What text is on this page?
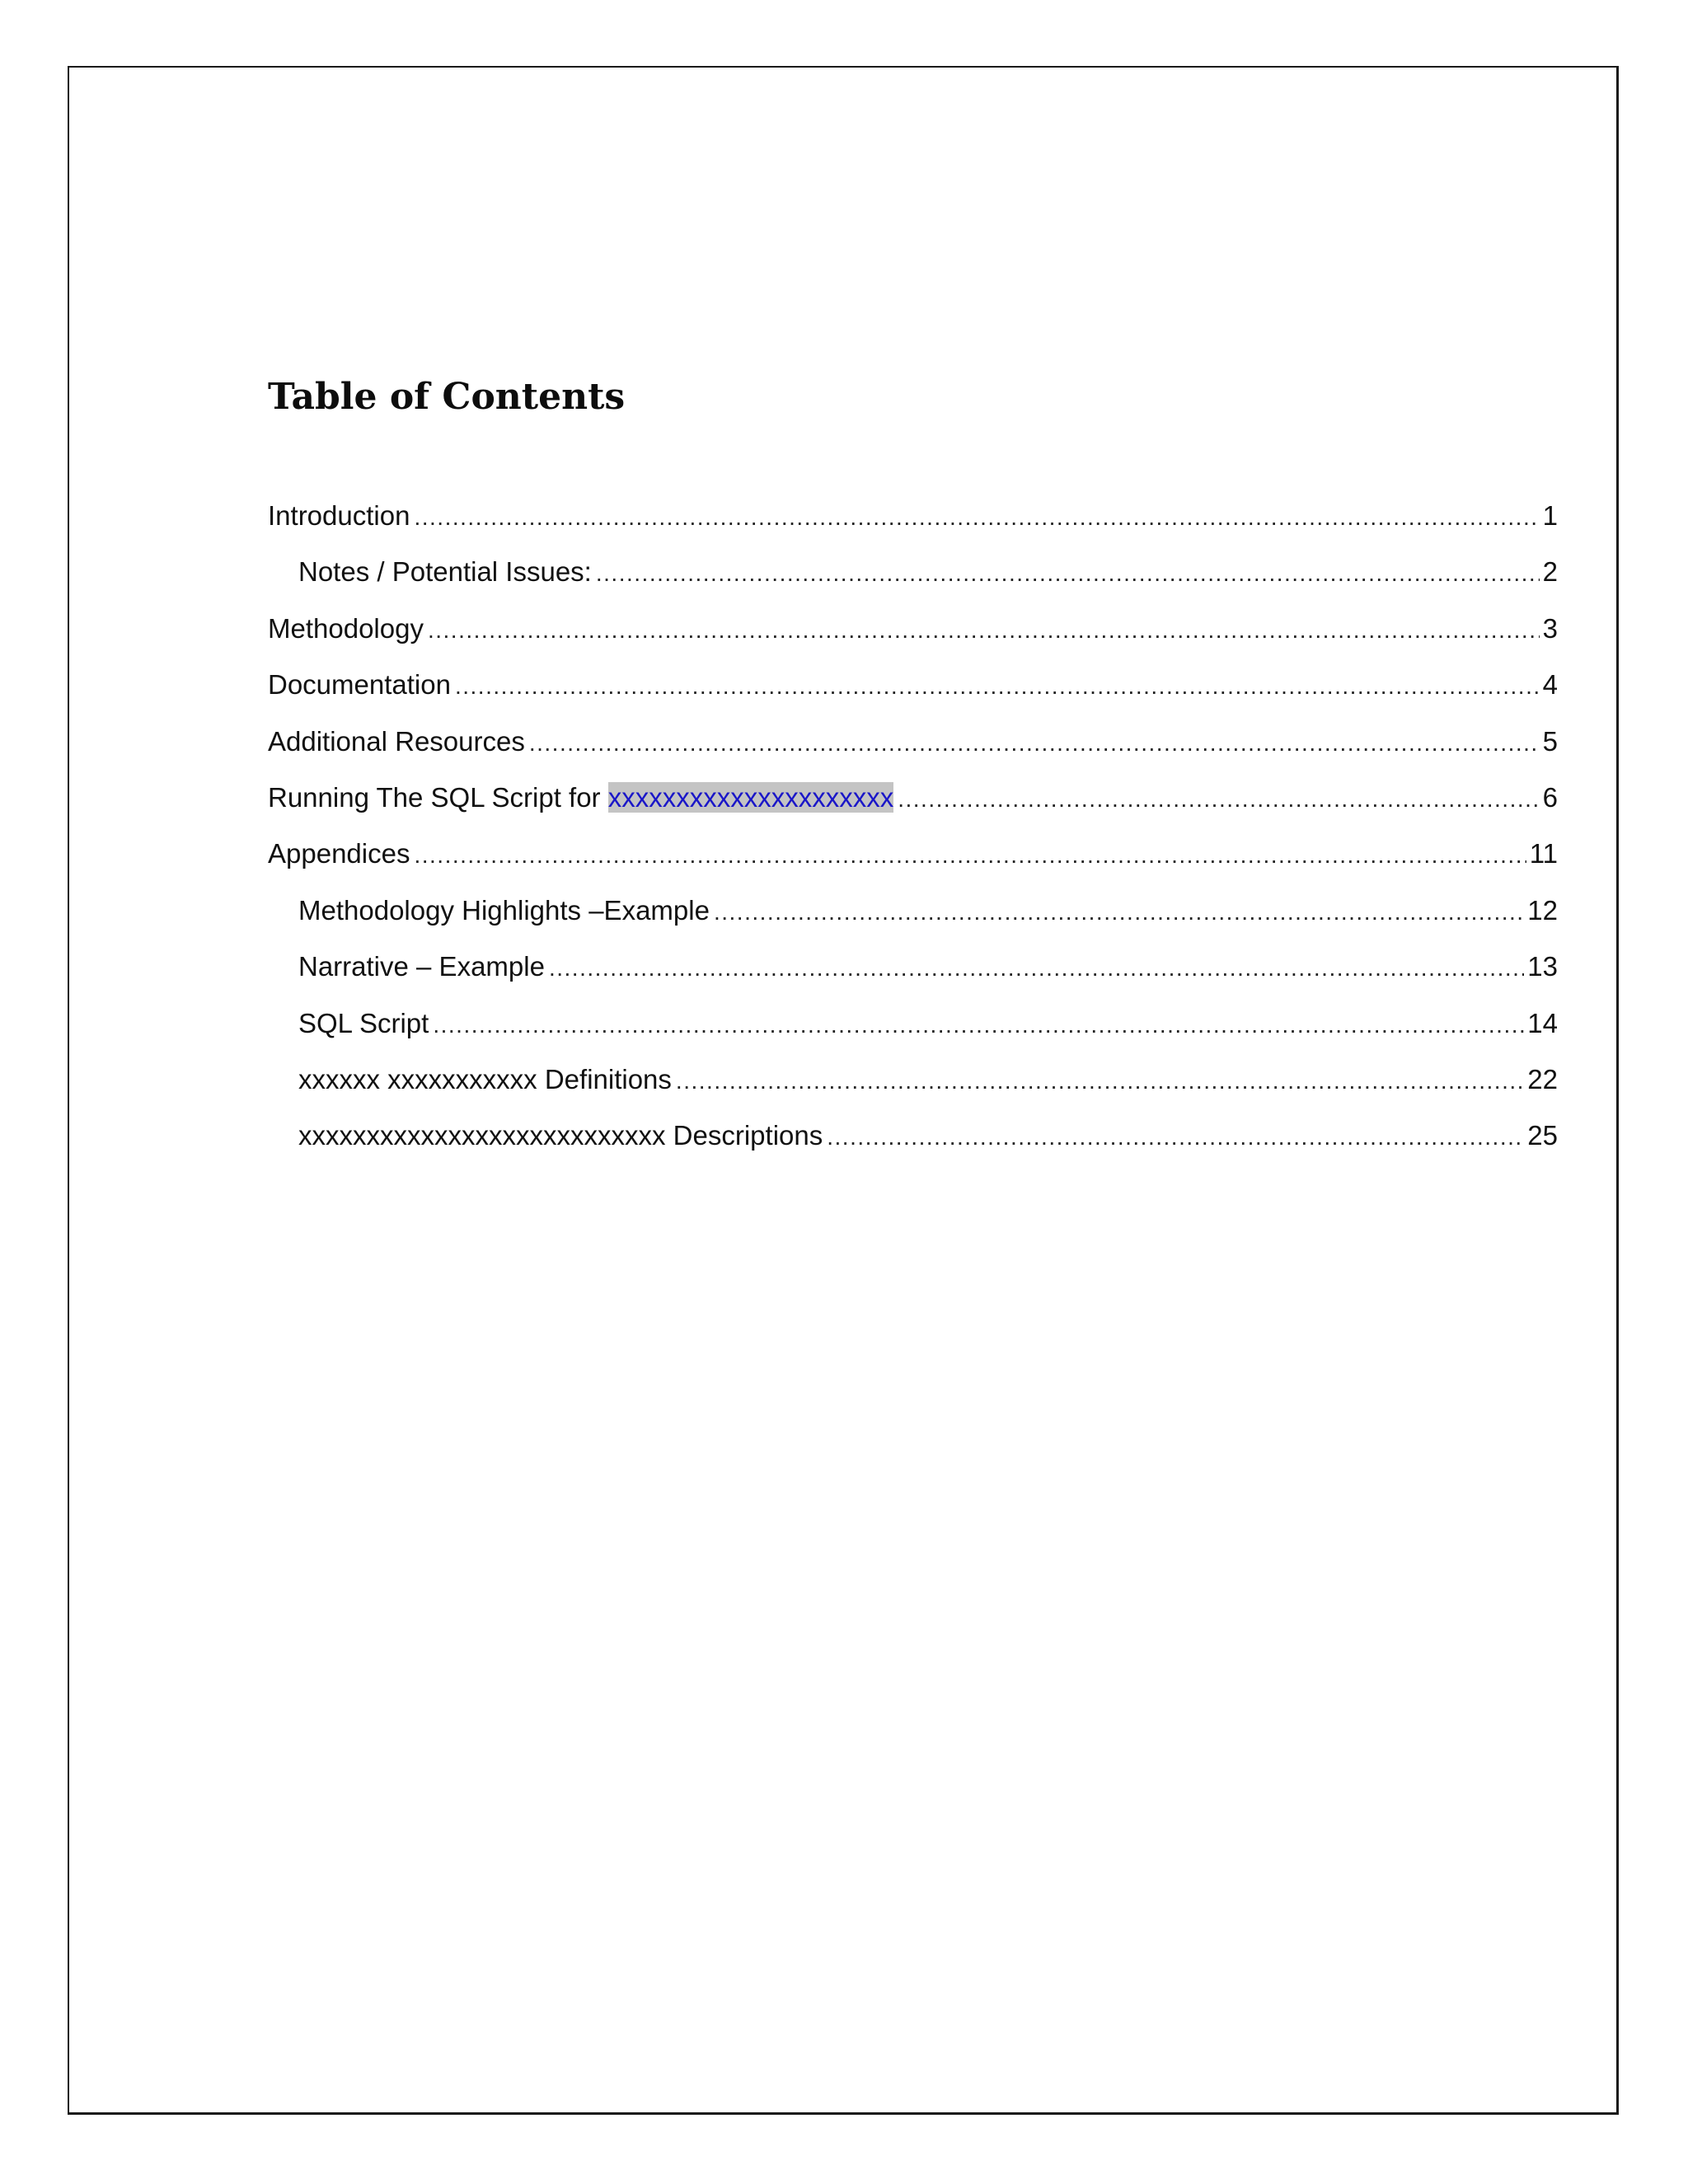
Table of Contents
Introduction .....	1
Notes / Potential Issues: .....	2
Methodology .....	3
Documentation .....	4
Additional Resources .....	5
Running The SQL Script for xxxxxxxxxxxxxxxxxxxxx .....	6
Appendices .....	11
Methodology Highlights –Example .....	12
Narrative – Example .....	13
SQL Script .....	14
xxxxxx xxxxxxxxxxx Definitions .....	22
xxxxxxxxxxxxxxxxxxxxxxxxxxx Descriptions .....	25
